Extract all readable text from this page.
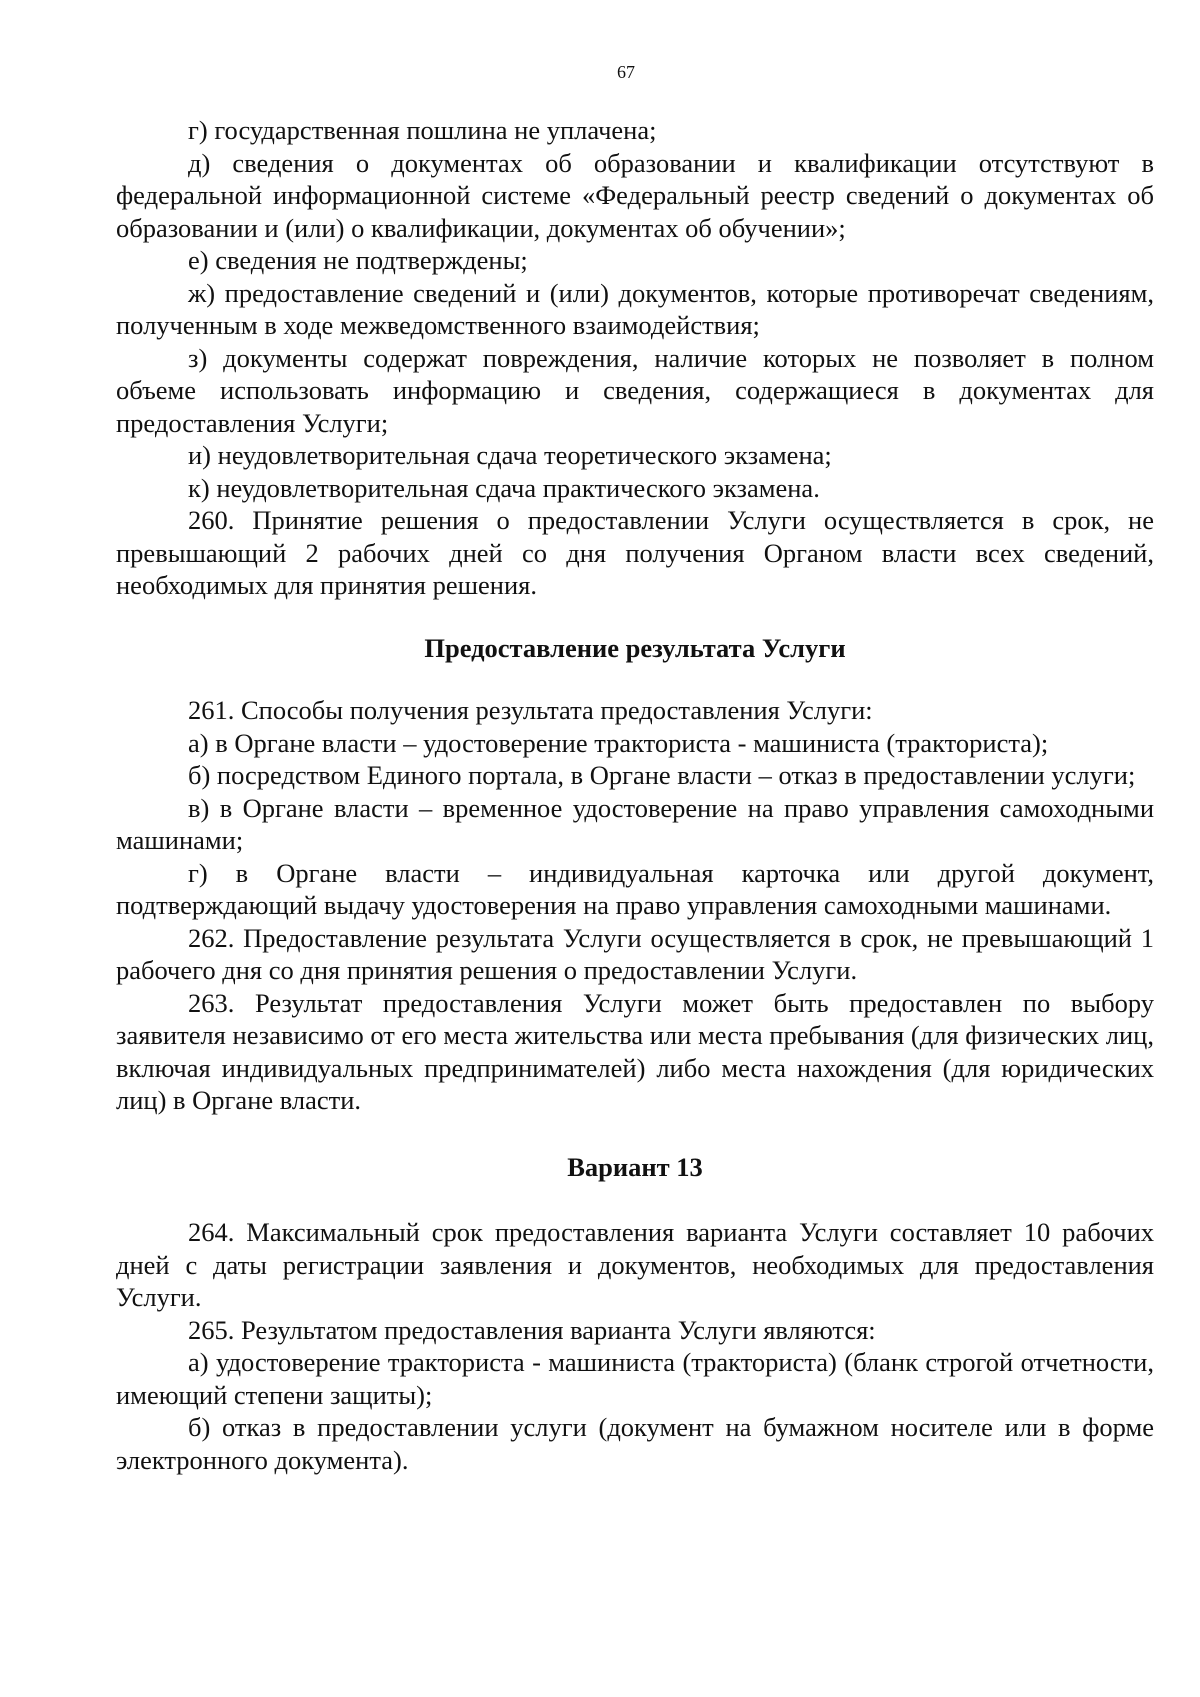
67

г) государственная пошлина не уплачена;

д) сведения о документах об образовании и квалификации отсутствуют в федеральной информационной системе «Федеральный реестр сведений о документах об образовании и (или) о квалификации, документах об обучении»;

е) сведения не подтверждены;

ж) предоставление сведений и (или) документов, которые противоречат сведениям, полученным в ходе межведомственного взаимодействия;

з) документы содержат повреждения, наличие которых не позволяет в полном объеме использовать информацию и сведения, содержащиеся в документах для предоставления Услуги;

и) неудовлетворительная сдача теоретического экзамена;

к) неудовлетворительная сдача практического экзамена.

260. Принятие решения о предоставлении Услуги осуществляется в срок, не превышающий 2 рабочих дней со дня получения Органом власти всех сведений, необходимых для принятия решения.

Предоставление результата Услуги

261. Способы получения результата предоставления Услуги:

а) в Органе власти – удостоверение тракториста - машиниста (тракториста);

б) посредством Единого портала, в Органе власти – отказ в предоставлении услуги;

в) в Органе власти – временное удостоверение на право управления самоходными машинами;

г) в Органе власти – индивидуальная карточка или другой документ, подтверждающий выдачу удостоверения на право управления самоходными машинами.

262. Предоставление результата Услуги осуществляется в срок, не превышающий 1 рабочего дня со дня принятия решения о предоставлении Услуги.

263. Результат предоставления Услуги может быть предоставлен по выбору заявителя независимо от его места жительства или места пребывания (для физических лиц, включая индивидуальных предпринимателей) либо места нахождения (для юридических лиц) в Органе власти.

Вариант 13

264. Максимальный срок предоставления варианта Услуги составляет 10 рабочих дней с даты регистрации заявления и документов, необходимых для предоставления Услуги.

265. Результатом предоставления варианта Услуги являются:

а) удостоверение тракториста - машиниста (тракториста) (бланк строгой отчетности, имеющий степени защиты);

б) отказ в предоставлении услуги (документ на бумажном носителе или в форме электронного документа).
